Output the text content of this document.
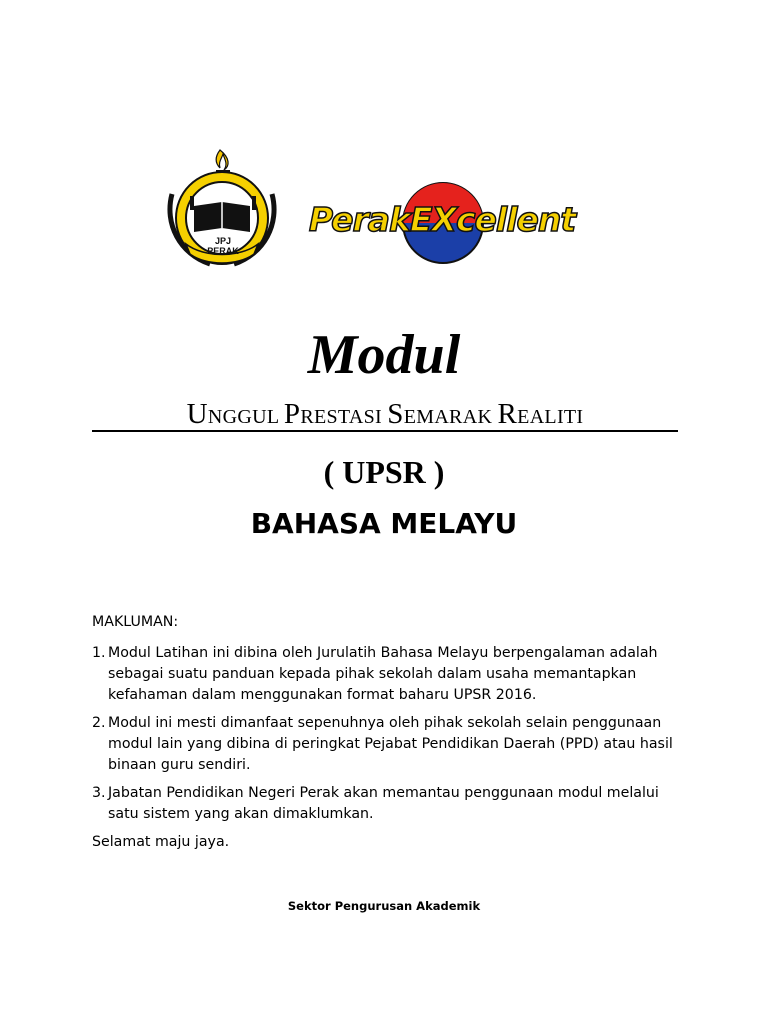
JPJ PERAK
PerakEXcellent
Modul
UNGGUL PRESTASI SEMARAK REALITI
( UPSR )
BAHASA MELAYU
MAKLUMAN:
1. Modul Latihan ini dibina oleh Jurulatih Bahasa Melayu berpengalaman adalah sebagai suatu panduan kepada pihak sekolah dalam usaha memantapkan kefahaman dalam menggunakan format baharu UPSR 2016.
2. Modul ini mesti dimanfaat sepenuhnya oleh pihak sekolah selain penggunaan modul lain yang dibina di peringkat Pejabat Pendidikan Daerah (PPD) atau hasil binaan guru sendiri.
3. Jabatan Pendidikan Negeri Perak akan memantau penggunaan modul melalui satu sistem yang akan dimaklumkan.
Selamat maju jaya.
Sektor Pengurusan Akademik
